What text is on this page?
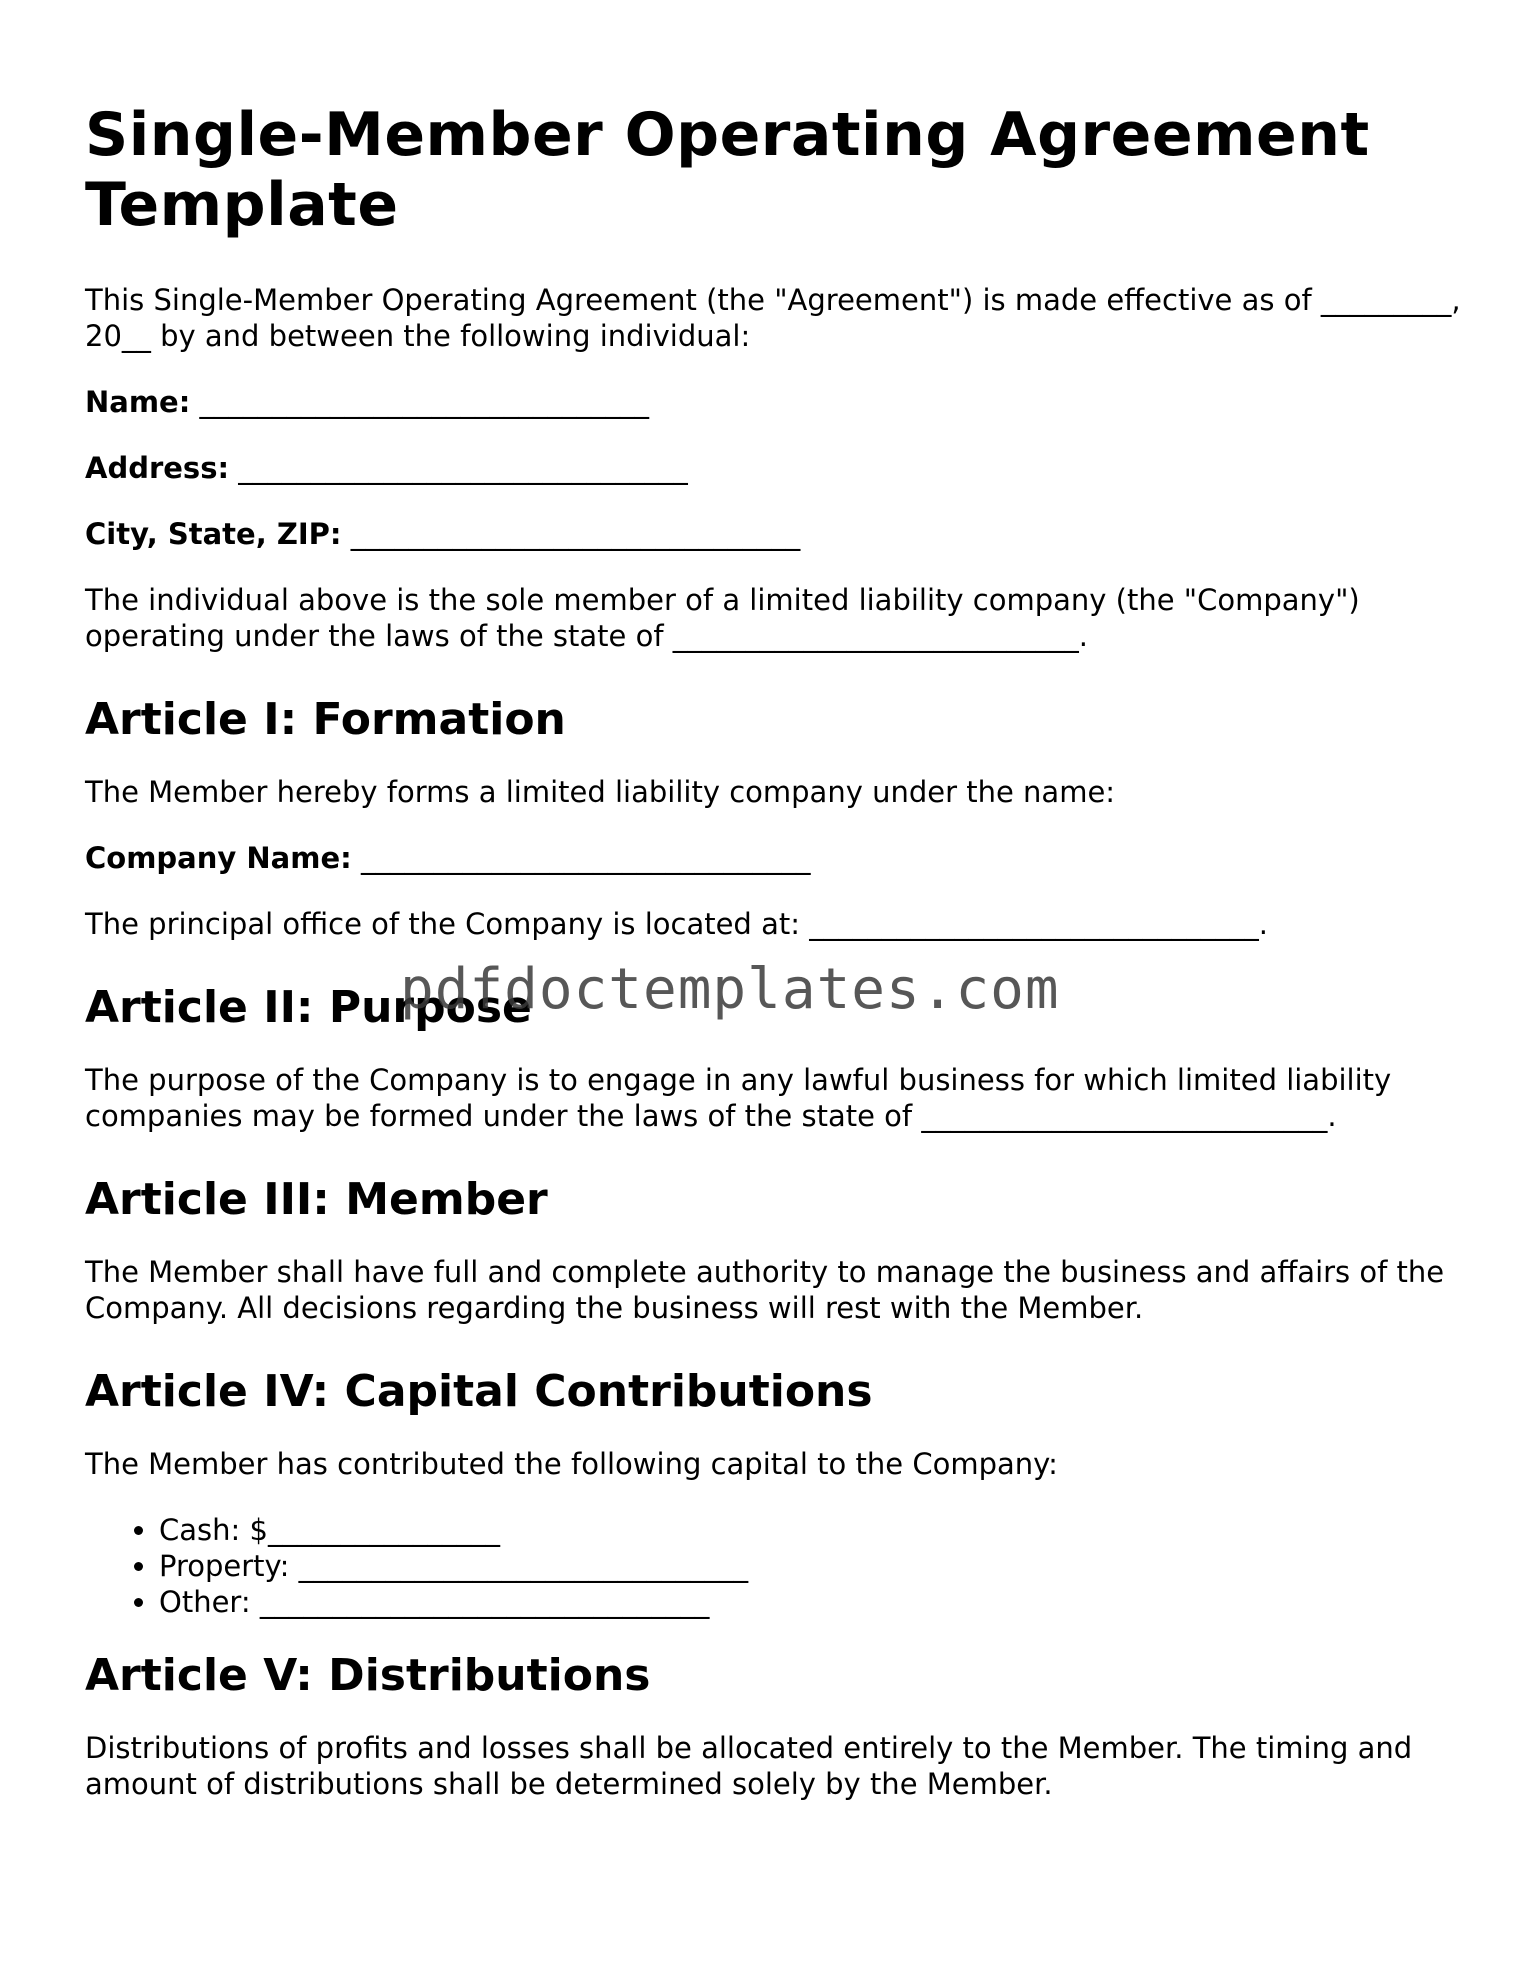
Single-Member Operating Agreement Template

This Single-Member Operating Agreement (the "Agreement") is made effective as of _________, 20__ by and between the following individual:

Name: _______________________________
Address: _______________________________
City, State, ZIP: _______________________________

The individual above is the sole member of a limited liability company (the "Company") operating under the laws of the state of ____________________________.

Article I: Formation

The Member hereby forms a limited liability company under the name:

Company Name: _______________________________

The principal office of the Company is located at: _______________________________.

Article II: Purpose

The purpose of the Company is to engage in any lawful business for which limited liability companies may be formed under the laws of the state of ____________________________.

Article III: Member

The Member shall have full and complete authority to manage the business and affairs of the Company. All decisions regarding the business will rest with the Member.

Article IV: Capital Contributions

The Member has contributed the following capital to the Company:

• Cash: $________________
• Property: _______________________________
• Other: _______________________________
Article V: Distributions

Distributions of profits and losses shall be allocated entirely to the Member. The timing and amount of distributions shall be determined solely by the Member.

pdfdoctemplates.com
